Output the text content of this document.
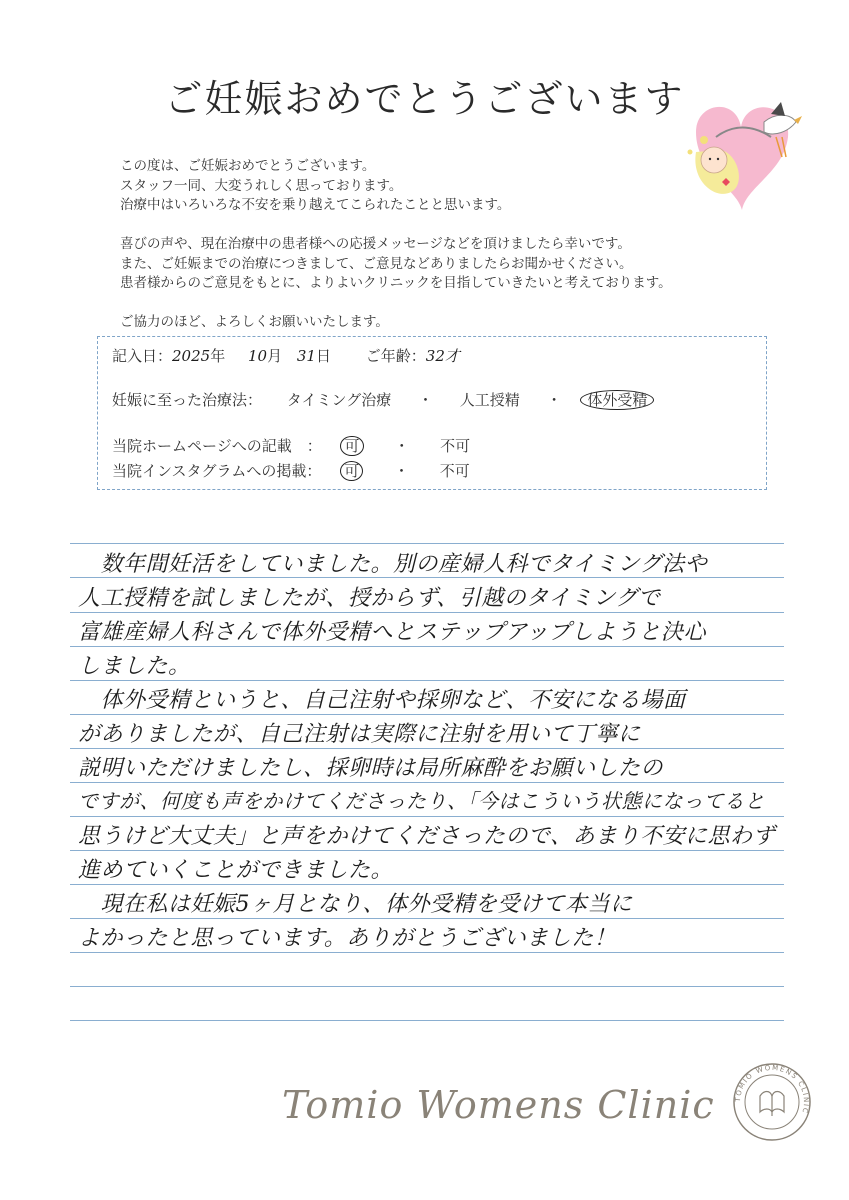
ご妊娠おめでとうございます

この度は、ご妊娠おめでとうございます。

スタッフ一同、大変うれしく思っております。

治療中はいろいろな不安を乗り越えてこられたことと思います。

喜びの声や、現在治療中の患者様への応援メッセージなどを頂けましたら幸いです。

また、ご妊娠までの治療につきまして、ご意見などありましたらお聞かせください。

患者様からのご意見をもとに、よりよいクリニックを目指していきたいと考えております。

ご協力のほど、よろしくお願いいたします。

記入日：2025年 10月 31日 ご年齢：32才
妊娠に至った治療法： タイミング治療 ・ 人工授精 ・ 体外受精
当院ホームページへの記載　： 可 ・ 不可
当院インスタグラムへの掲載： 可 ・ 不可
　数年間妊活をしていました。別の産婦人科でタイミング法や
人工授精を試しましたが、授からず、引越のタイミングで
富雄産婦人科さんで体外受精へとステップアップしようと決心
しました。
　体外受精というと、自己注射や採卵など、不安になる場面
がありましたが、自己注射は実際に注射を用いて丁寧に
説明いただけましたし、採卵時は局所麻酔をお願いしたの
ですが、何度も声をかけてくださったり、「今はこういう状態になってると
思うけど大丈夫」と声をかけてくださったので、あまり不安に思わず
進めていくことができました。
　現在私は妊娠5ヶ月となり、体外受精を受けて本当に
よかったと思っています。ありがとうございました！
Tomio Womens Clinic	TOMIO WOMENS CLINIC
